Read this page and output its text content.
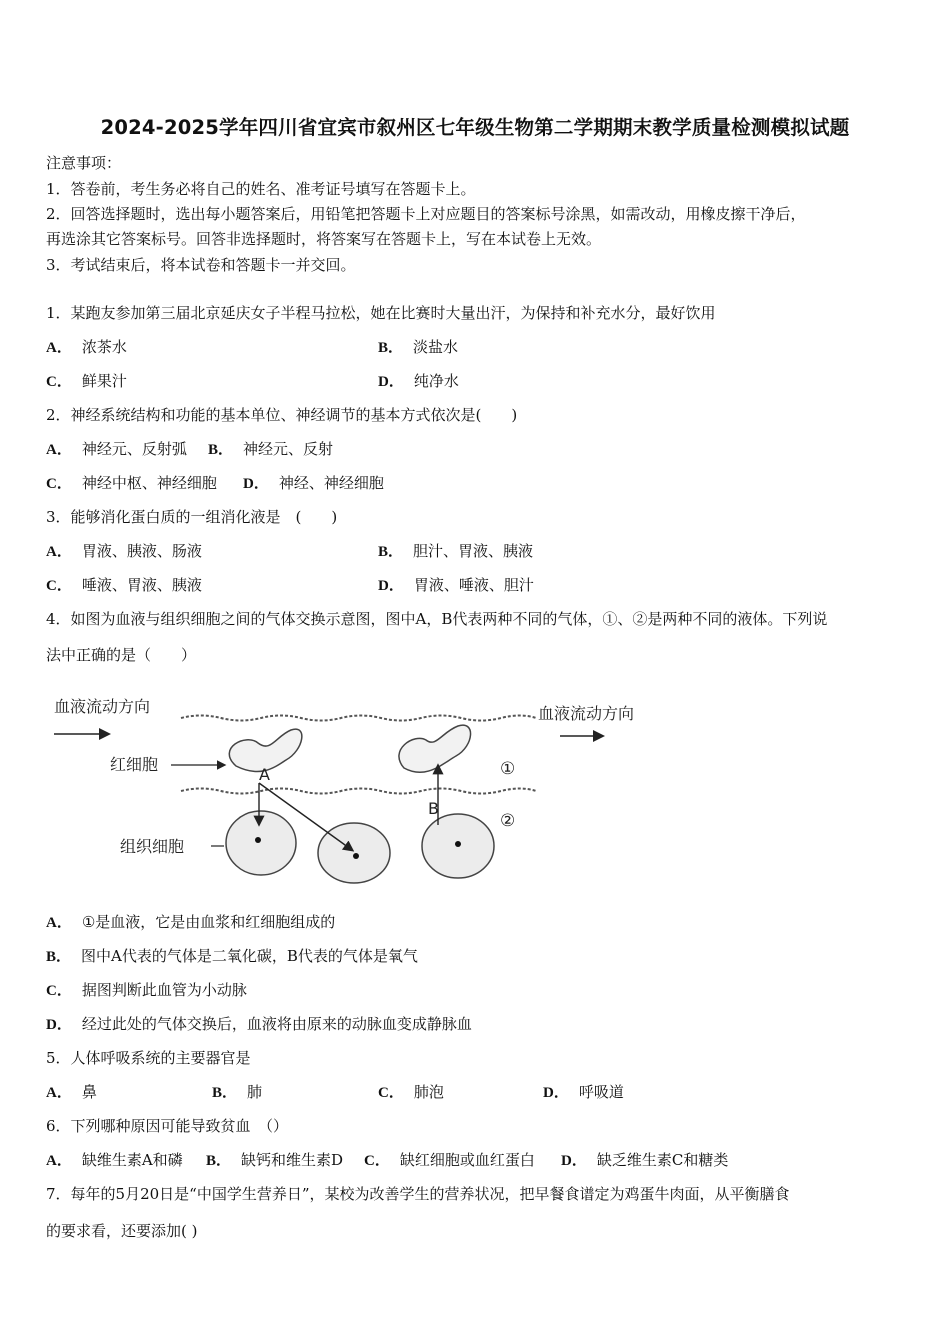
2024-2025学年四川省宜宾市叙州区七年级生物第二学期期末教学质量检测模拟试题
注意事项：
1．答卷前，考生务必将自己的姓名、准考证号填写在答题卡上。
2．回答选择题时，选出每小题答案后，用铅笔把答题卡上对应题目的答案标号涂黑，如需改动，用橡皮擦干净后，
再选涂其它答案标号。回答非选择题时，将答案写在答题卡上，写在本试卷上无效。
3．考试结束后，将本试卷和答题卡一并交回。
1．某跑友参加第三届北京延庆女子半程马拉松，她在比赛时大量出汗，为保持和补充水分，最好饮用
A． 浓茶水	B． 淡盐水
C． 鲜果汁	D． 纯净水
2．神经系统结构和功能的基本单位、神经调节的基本方式依次是(　　)
A． 神经元、反射弧 B． 神经元、反射
C． 神经中枢、神经细胞 D． 神经、神经细胞
3．能够消化蛋白质的一组消化液是　(　　)
A． 胃液、胰液、肠液	B． 胆汁、胃液、胰液
C． 唾液、胃液、胰液	D． 胃液、唾液、胆汁
4．如图为血液与组织细胞之间的气体交换示意图，图中A，B代表两种不同的气体，①、②是两种不同的液体。下列说
法中正确的是（　　）
血液流动方向	血液流动方向
红细胞
组织细胞
A
B
①
②
A． ①是血液，它是由血浆和红细胞组成的
B． 图中A代表的气体是二氧化碳，B代表的气体是氧气
C． 据图判断此血管为小动脉
D． 经过此处的气体交换后，血液将由原来的动脉血变成静脉血
5．人体呼吸系统的主要器官是
A． 鼻	B． 肺	C． 肺泡	D． 呼吸道
6．下列哪种原因可能导致贫血　（）
A． 缺维生素A和磷 B． 缺钙和维生素D C． 缺红细胞或血红蛋白 D． 缺乏维生素C和糖类
7．每年的5月20日是“中国学生营养日”，某校为改善学生的营养状况，把早餐食谱定为鸡蛋牛肉面，从平衡膳食
的要求看，还要添加( )
